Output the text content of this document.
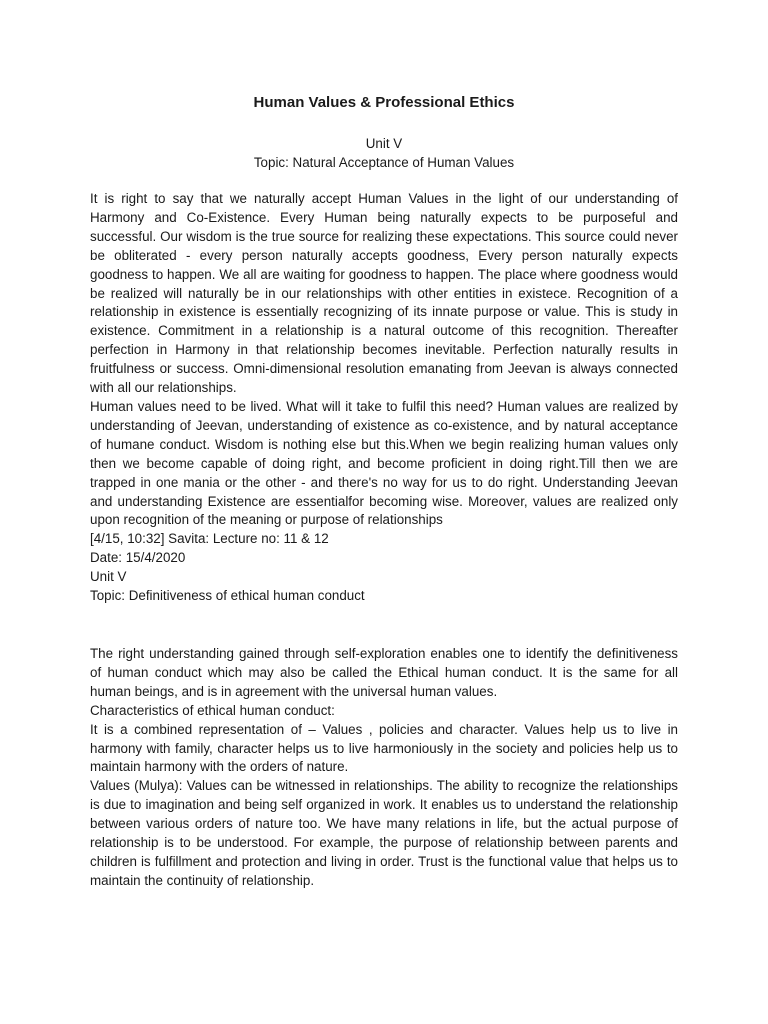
Human Values & Professional Ethics
Unit V
Topic: Natural Acceptance of Human Values

It is right to say that we naturally accept Human Values in the light of our understanding of Harmony and Co-Existence. Every Human being naturally expects to be purposeful and successful. Our wisdom is the true source for realizing these expectations. This source could never be obliterated - every person naturally accepts goodness, Every person naturally expects goodness to happen. We all are waiting for goodness to happen. The place where goodness would be realized will naturally be in our relationships with other entities in existece. Recognition of a relationship in existence is essentially recognizing of its innate purpose or value. This is study in existence. Commitment in a relationship is a natural outcome of this recognition. Thereafter perfection in Harmony in that relationship becomes inevitable. Perfection naturally results in fruitfulness or success. Omni-dimensional resolution emanating from Jeevan is always connected with all our relationships.

Human values need to be lived. What will it take to fulfil this need? Human values are realized by understanding of Jeevan, understanding of existence as co-existence, and by natural acceptance of humane conduct. Wisdom is nothing else but this.When we begin realizing human values only then we become capable of doing right, and become proficient in doing right.Till then we are trapped in one mania or the other - and there's no way for us to do right. Understanding Jeevan and understanding Existence are essentialfor becoming wise. Moreover, values are realized only upon recognition of the meaning or purpose of relationships

[4/15, 10:32] Savita: Lecture no: 11 & 12

Date: 15/4/2020

Unit V

Topic: Definitiveness of ethical human conduct

The right understanding gained through self-exploration enables one to identify the definitiveness of human conduct which may also be called the Ethical human conduct. It is the same for all human beings, and is in agreement with the universal human values.

Characteristics of ethical human conduct:

It is a combined representation of – Values , policies and character. Values help us to live in harmony with family, character helps us to live harmoniously in the society and policies help us to maintain harmony with the orders of nature.

Values (Mulya): Values can be witnessed in relationships. The ability to recognize the relationships is due to imagination and being self organized in work. It enables us to understand the relationship between various orders of nature too. We have many relations in life, but the actual purpose of relationship is to be understood. For example, the purpose of relationship between parents and children is fulfillment and protection and living in order. Trust is the functional value that helps us to maintain the continuity of relationship.
